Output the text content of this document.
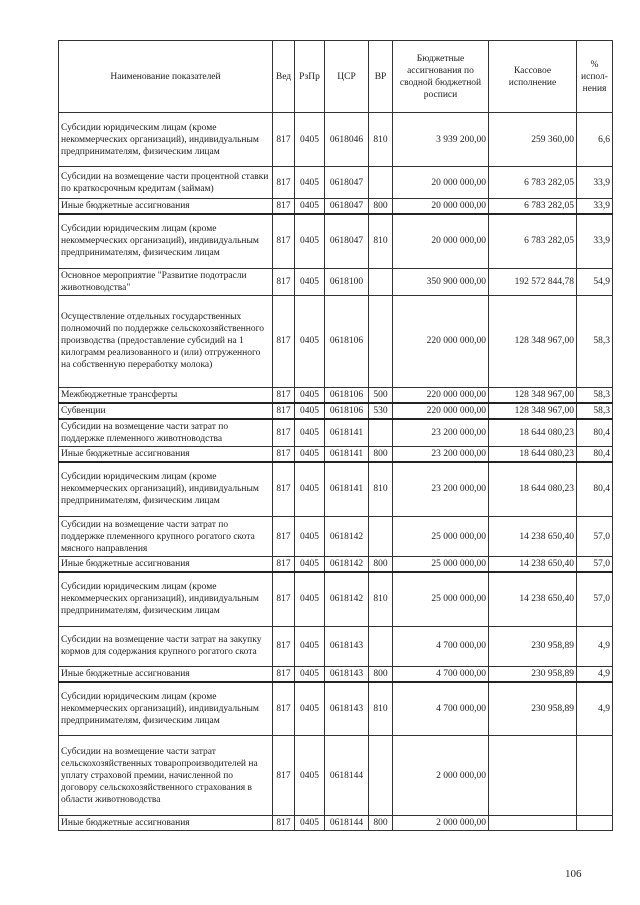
Наименование показателей	Вед	РзПр	ЦСР	ВР	Бюджетные ассигнования по сводной бюджетной росписи	Кассовое исполнение	% испол-нения
Субсидии юридическим лицам (кроме некоммерческих организаций), индивидуальным предпринимателям, физическим лицам	817	0405	0618046	810	3 939 200,00	259 360,00	6,6
Субсидии на возмещение части процентной ставки по краткосрочным кредитам (займам)	817	0405	0618047		20 000 000,00	6 783 282,05	33,9
Иные бюджетные ассигнования	817	0405	0618047	800	20 000 000,00	6 783 282,05	33,9
Субсидии юридическим лицам (кроме некоммерческих организаций), индивидуальным предпринимателям, физическим лицам	817	0405	0618047	810	20 000 000,00	6 783 282,05	33,9
Основное мероприятие "Развитие подотрасли животноводства"	817	0405	0618100		350 900 000,00	192 572 844,78	54,9
Осуществление отдельных государственных полномочий по поддержке сельскохозяйственного производства (предоставление субсидий на 1 килограмм реализованного и (или) отгруженного на собственную переработку молока)	817	0405	0618106		220 000 000,00	128 348 967,00	58,3
Межбюджетные трансферты	817	0405	0618106	500	220 000 000,00	128 348 967,00	58,3
Субвенции	817	0405	0618106	530	220 000 000,00	128 348 967,00	58,3
Субсидии на возмещение части затрат по поддержке племенного животноводства	817	0405	0618141		23 200 000,00	18 644 080,23	80,4
Иные бюджетные ассигнования	817	0405	0618141	800	23 200 000,00	18 644 080,23	80,4
Субсидии юридическим лицам (кроме некоммерческих организаций), индивидуальным предпринимателям, физическим лицам	817	0405	0618141	810	23 200 000,00	18 644 080,23	80,4
Субсидии на возмещение части затрат по поддержке племенного крупного рогатого скота мясного направления	817	0405	0618142		25 000 000,00	14 238 650,40	57,0
Иные бюджетные ассигнования	817	0405	0618142	800	25 000 000,00	14 238 650,40	57,0
Субсидии юридическим лицам (кроме некоммерческих организаций), индивидуальным предпринимателям, физическим лицам	817	0405	0618142	810	25 000 000,00	14 238 650,40	57,0
Субсидии на возмещение части затрат на закупку кормов для содержания крупного рогатого скота	817	0405	0618143		4 700 000,00	230 958,89	4,9
Иные бюджетные ассигнования	817	0405	0618143	800	4 700 000,00	230 958,89	4,9
Субсидии юридическим лицам (кроме некоммерческих организаций), индивидуальным предпринимателям, физическим лицам	817	0405	0618143	810	4 700 000,00	230 958,89	4,9
Субсидии на возмещение части затрат сельскохозяйственных товаропроизводителей на уплату страховой премии, начисленной по договору сельскохозяйственного страхования в области животноводства	817	0405	0618144		2 000 000,00		
Иные бюджетные ассигнования	817	0405	0618144	800	2 000 000,00		
106
